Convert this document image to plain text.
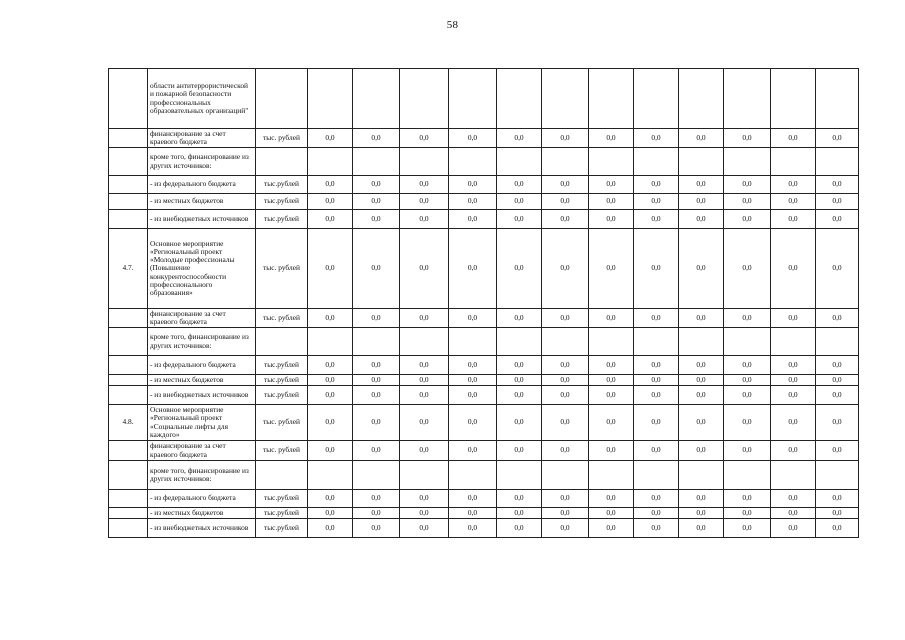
58
	области антитеррористической и пожарной безопасности профессиональных образовательных организаций"													
	финансирование за счет краевого бюджета	тыс. рублей	0,0	0,0	0,0	0,0	0,0	0,0	0,0	0,0	0,0	0,0	0,0	0,0
	кроме того, финансирование из других источников:													
	- из федерального бюджета	тыс.рублей	0,0	0,0	0,0	0,0	0,0	0,0	0,0	0,0	0,0	0,0	0,0	0,0
	- из местных бюджетов	тыс.рублей	0,0	0,0	0,0	0,0	0,0	0,0	0,0	0,0	0,0	0,0	0,0	0,0
	- из внебюджетных источников	тыс.рублей	0,0	0,0	0,0	0,0	0,0	0,0	0,0	0,0	0,0	0,0	0,0	0,0
4.7.	Основное мероприятие «Региональный проект «Молодые профессионалы (Повышение конкурентоспособности профессионального образования»	тыс. рублей	0,0	0,0	0,0	0,0	0,0	0,0	0,0	0,0	0,0	0,0	0,0	0,0
	финансирование за счет краевого бюджета	тыс. рублей	0,0	0,0	0,0	0,0	0,0	0,0	0,0	0,0	0,0	0,0	0,0	0,0
	кроме того, финансирование из других источников:													
	- из федерального бюджета	тыс.рублей	0,0	0,0	0,0	0,0	0,0	0,0	0,0	0,0	0,0	0,0	0,0	0,0
	- из местных бюджетов	тыс.рублей	0,0	0,0	0,0	0,0	0,0	0,0	0,0	0,0	0,0	0,0	0,0	0,0
	- из внебюджетных источников	тыс.рублей	0,0	0,0	0,0	0,0	0,0	0,0	0,0	0,0	0,0	0,0	0,0	0,0
4.8.	Основное мероприятие «Региональный проект «Социальные лифты для каждого»	тыс. рублей	0,0	0,0	0,0	0,0	0,0	0,0	0,0	0,0	0,0	0,0	0,0	0,0
	финансирование за счет краевого бюджета	тыс. рублей	0,0	0,0	0,0	0,0	0,0	0,0	0,0	0,0	0,0	0,0	0,0	0,0
	кроме того, финансирование из других источников:													
	- из федерального бюджета	тыс.рублей	0,0	0,0	0,0	0,0	0,0	0,0	0,0	0,0	0,0	0,0	0,0	0,0
	- из местных бюджетов	тыс.рублей	0,0	0,0	0,0	0,0	0,0	0,0	0,0	0,0	0,0	0,0	0,0	0,0
	- из внебюджетных источников	тыс.рублей	0,0	0,0	0,0	0,0	0,0	0,0	0,0	0,0	0,0	0,0	0,0	0,0
